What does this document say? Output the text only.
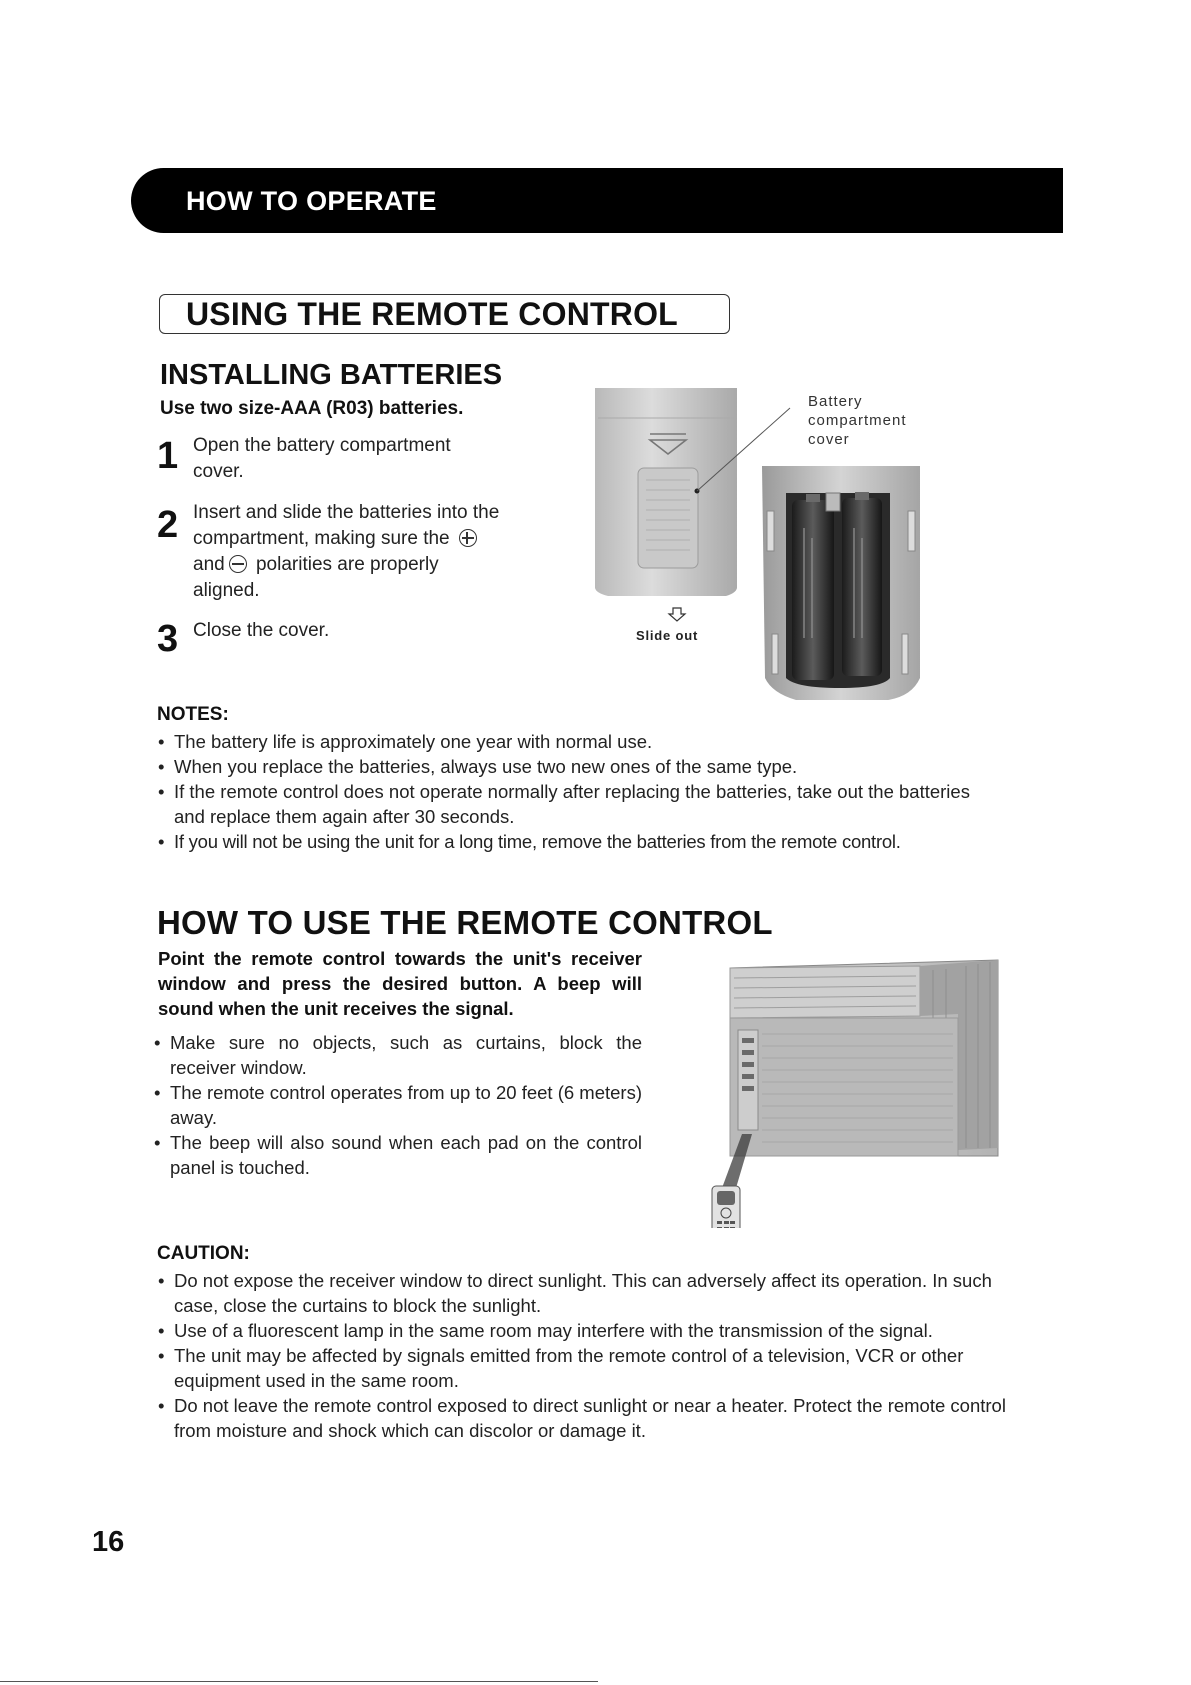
HOW TO OPERATE
USING THE REMOTE CONTROL
INSTALLING BATTERIES
Use two size-AAA (R03) batteries.
1 Open the battery compartment cover.
2 Insert and slide the batteries into the compartment, making sure the and polarities are properly aligned.
3 Close the cover.
Battery
compartment
cover
Slide out
NOTES:
• The battery life is approximately one year with normal use.
• When you replace the batteries, always use two new ones of the same type.
• If the remote control does not operate normally after replacing the batteries, take out the batteries and replace them again after 30 seconds.
• If you will not be using the unit for a long time, remove the batteries from the remote control.
HOW TO USE THE REMOTE CONTROL
Point the remote control towards the unit's receiver window and press the desired button. A beep will sound when the unit receives the signal.
• Make sure no objects, such as curtains, block the receiver window.
• The remote control operates from up to 20 feet (6 meters) away.
• The beep will also sound when each pad on the control panel is touched.
CAUTION:
• Do not expose the receiver window to direct sunlight. This can adversely affect its operation. In such case, close the curtains to block the sunlight.
• Use of a fluorescent lamp in the same room may interfere with the transmission of the signal.
• The unit may be affected by signals emitted from the remote control of a television, VCR or other equipment used in the same room.
• Do not leave the remote control exposed to direct sunlight or near a heater. Protect the remote control from moisture and shock which can discolor or damage it.
16
